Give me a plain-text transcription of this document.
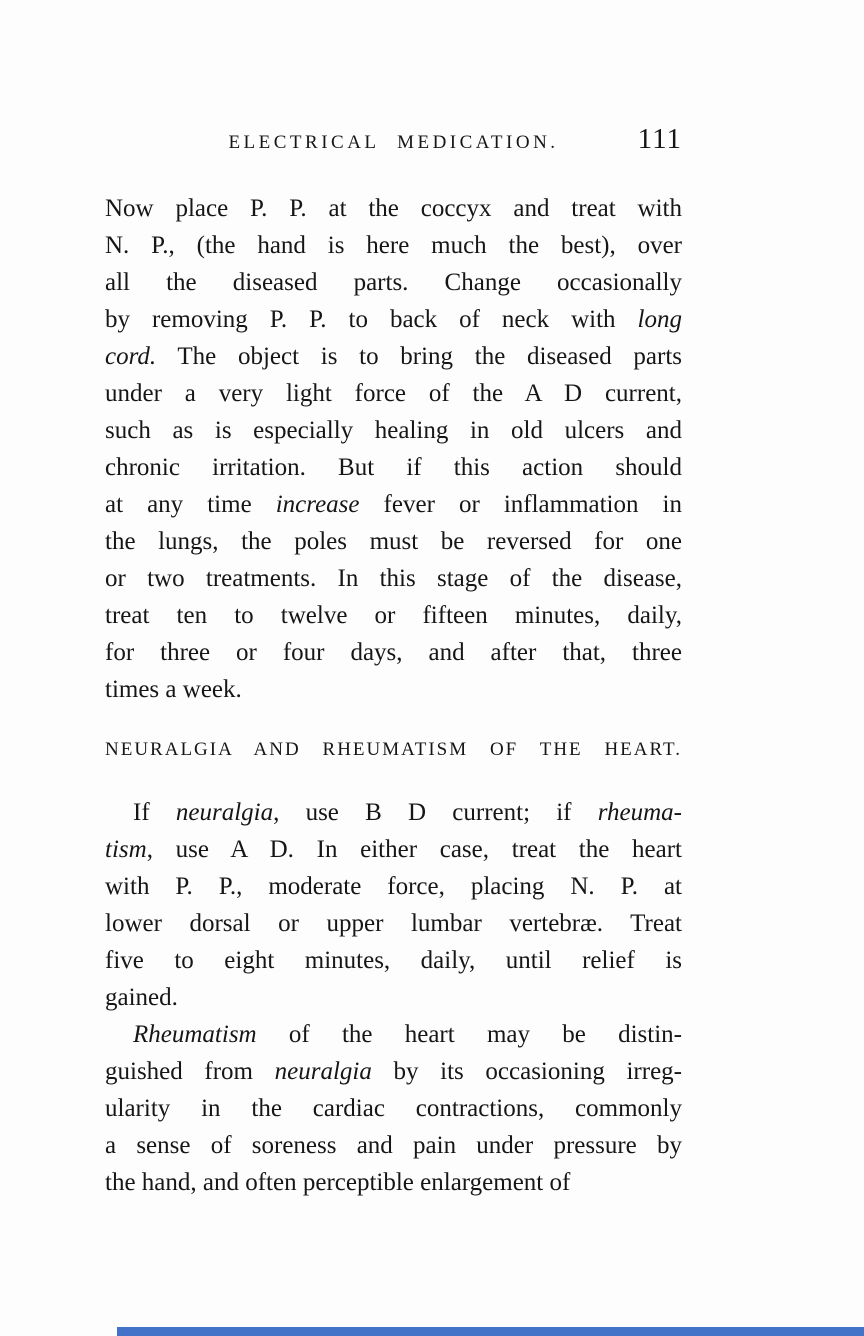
ELECTRICAL MEDICATION.	111
Now place P. P. at the coccyx and treat with
N. P., (the hand is here much the best), over
all the diseased parts. Change occasionally
by removing P. P. to back of neck with long
cord. The object is to bring the diseased parts
under a very light force of the A D current,
such as is especially healing in old ulcers and
chronic irritation. But if this action should
at any time increase fever or inflammation in
the lungs, the poles must be reversed for one
or two treatments. In this stage of the disease,
treat ten to twelve or fifteen minutes, daily,
for three or four days, and after that, three
times a week.
NEURALGIA AND RHEUMATISM OF THE HEART.
If neuralgia, use B D current; if rheuma-
tism, use A D. In either case, treat the heart
with P. P., moderate force, placing N. P. at
lower dorsal or upper lumbar vertebræ. Treat
five to eight minutes, daily, until relief is
gained.
Rheumatism of the heart may be distin-
guished from neuralgia by its occasioning irreg-
ularity in the cardiac contractions, commonly
a sense of soreness and pain under pressure by
the hand, and often perceptible enlargement of
